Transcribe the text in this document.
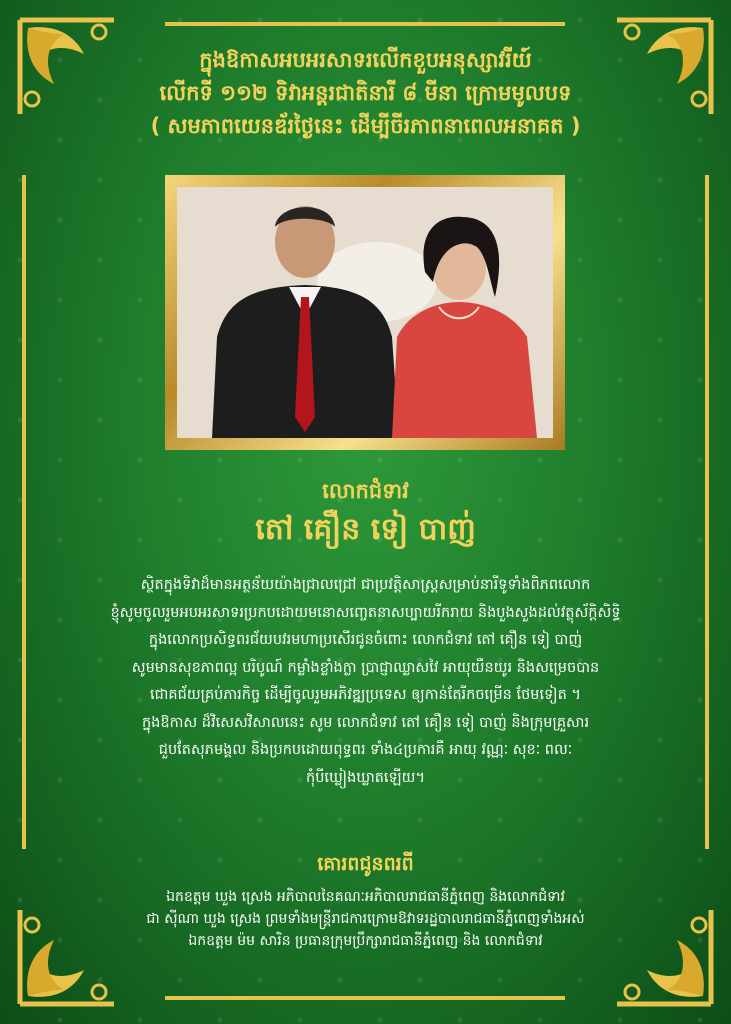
ក្នុងឱកាសអបអរសាទរលើកខួបអនុស្សាវរីយ៍
លើកទី ១១២ ទិវាអន្តរជាតិនារី ៨ មីនា ក្រោមមូលបទ
( សមភាពយេនឌ័រថ្ងៃនេះ ដើម្បីចីរភាពនាពេលអនាគត )
លោកជំទាវ
តៅ គឿន ទៀ បាញ់

ស្ថិតក្នុងទិវាដ៏មានអត្ថន័យយ៉ាងជ្រាលជ្រៅ ជាប្រវត្តិសាស្ត្រសម្រាប់នារីទូទាំងពិភពលោក

ខ្ញុំសូមចូលរួមអបអរសាទរប្រកបដោយមនោសញ្ចេតនាសប្បាយរីករាយ និងបួងសួងដល់វត្ថុស័ក្តិសិទ្ធិ

ក្នុងលោកប្រសិទ្ធពរជ័យបវរមហាប្រសើរជូនចំពោះ លោកជំទាវ តៅ គឿន ទៀ បាញ់

សូមមានសុខភាពល្អ បរិបូណ៍ កម្លាំងខ្លាំងក្លា ប្រាជ្ញាឈ្លាសវៃ អាយុយឺនយូរ និងសម្រេចបាន

ជោគជ័យគ្រប់ភារកិច្ច ដើម្បីចូលរួមអភិវឌ្ឍប្រទេស ឲ្យកាន់តែរីកចម្រើន ថែមទៀត ។

ក្នុងឱកាស ដ៏វិសេសវិសាលនេះ សូម លោកជំទាវ តៅ គឿន ទៀ បាញ់ និងក្រុមគ្រួសារ

ជួបតែសុភមង្គល និងប្រកបដោយពុទ្ធពរ ទាំង៤ប្រការគឺ អាយុ វណ្ណៈ សុខៈ ពលៈ

កុំបីឃ្លៀងឃ្លាតឡើយ។

គោរពជូនពរពី

ឯកឧត្តម ឃួង ស្រេង អភិបាលនៃគណៈអភិបាលរាជធានីភ្នំពេញ និងលោកជំទាវ

ជា ស៊ីណា ឃួង ស្រេង ព្រមទាំងមន្ត្រីរាជការក្រោមឱវាទរដ្ឋបាលរាជធានីភ្នំពេញទាំងអស់

ឯកឧត្តម ម៉ម សារិន ប្រធានក្រុមប្រឹក្សារាជធានីភ្នំពេញ និង លោកជំទាវ
